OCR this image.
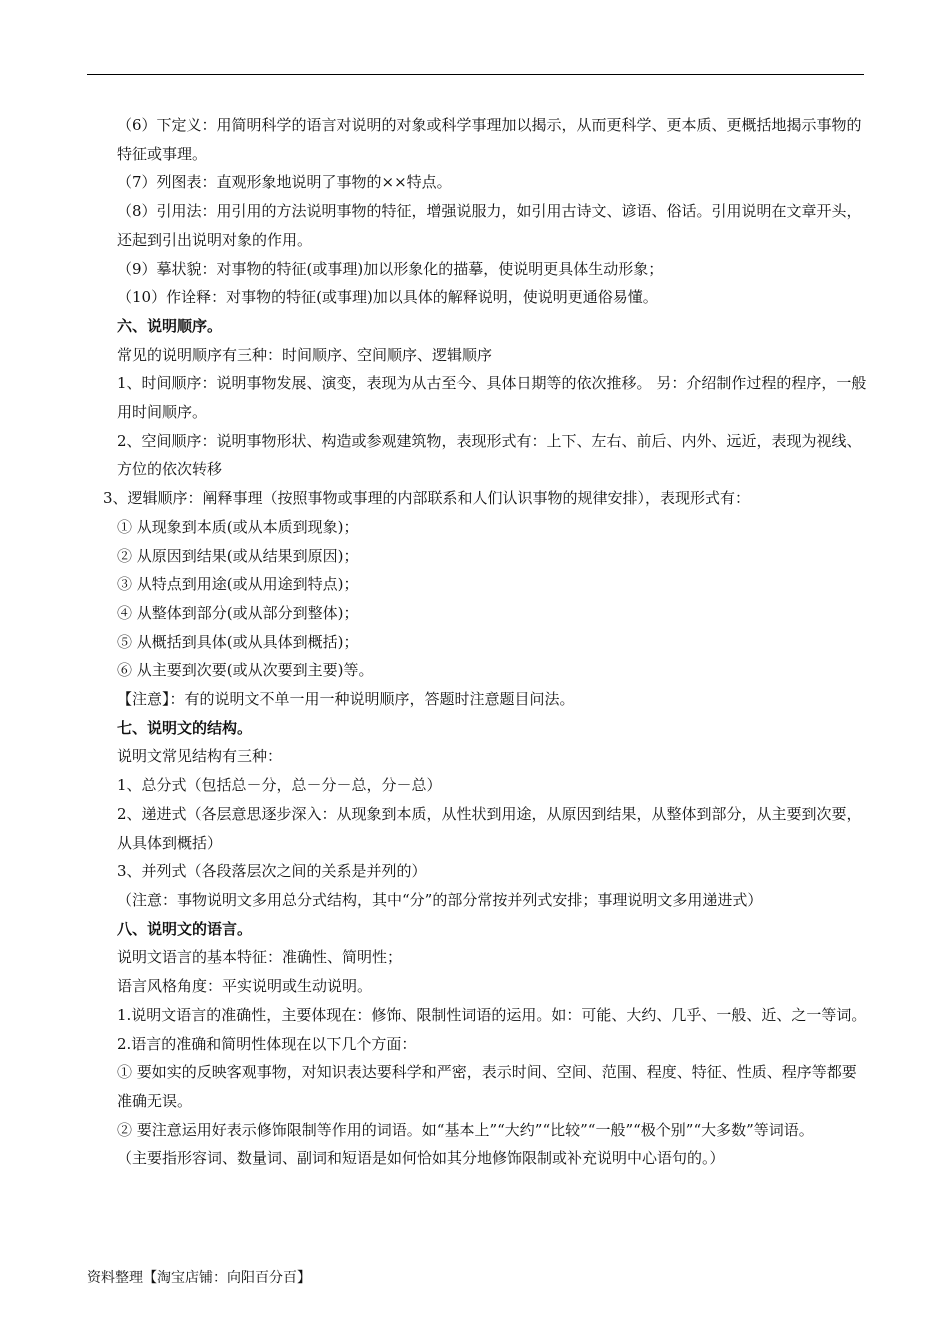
（6）下定义：用简明科学的语言对说明的对象或科学事理加以揭示，从而更科学、更本质、更概括地揭示事物的特征或事理。

（7）列图表：直观形象地说明了事物的××特点。

（8）引用法：用引用的方法说明事物的特征，增强说服力，如引用古诗文、谚语、俗话。引用说明在文章开头，还起到引出说明对象的作用。

（9）摹状貌：对事物的特征(或事理)加以形象化的描摹，使说明更具体生动形象；

（10）作诠释：对事物的特征(或事理)加以具体的解释说明，使说明更通俗易懂。

六、说明顺序。

常见的说明顺序有三种：时间顺序、空间顺序、逻辑顺序

1、时间顺序：说明事物发展、演变，表现为从古至今、具体日期等的依次推移。 另：介绍制作过程的程序，一般用时间顺序。

2、空间顺序：说明事物形状、构造或参观建筑物，表现形式有：上下、左右、前后、内外、远近，表现为视线、方位的依次转移

3、逻辑顺序：阐释事理（按照事物或事理的内部联系和人们认识事物的规律安排），表现形式有：

① 从现象到本质(或从本质到现象)；

② 从原因到结果(或从结果到原因)；

③ 从特点到用途(或从用途到特点)；

④ 从整体到部分(或从部分到整体)；

⑤ 从概括到具体(或从具体到概括)；

⑥ 从主要到次要(或从次要到主要)等。

【注意】：有的说明文不单一用一种说明顺序，答题时注意题目问法。

七、说明文的结构。

说明文常见结构有三种：

1、总分式（包括总－分，总－分－总，分－总）

2、递进式（各层意思逐步深入：从现象到本质，从性状到用途，从原因到结果，从整体到部分，从主要到次要，从具体到概括）

3、并列式（各段落层次之间的关系是并列的）

（注意：事物说明文多用总分式结构，其中“分”的部分常按并列式安排；事理说明文多用递进式）

八、说明文的语言。

说明文语言的基本特征：准确性、简明性；

语言风格角度：平实说明或生动说明。

1.说明文语言的准确性，主要体现在：修饰、限制性词语的运用。如：可能、大约、几乎、一般、近、之一等词。

2.语言的准确和简明性体现在以下几个方面：

① 要如实的反映客观事物，对知识表达要科学和严密，表示时间、空间、范围、程度、特征、性质、程序等都要准确无误。

② 要注意运用好表示修饰限制等作用的词语。如“基本上”“大约”“比较”“一般”“极个别”“大多数”等词语。

（主要指形容词、数量词、副词和短语是如何恰如其分地修饰限制或补充说明中心语句的。）

资料整理【淘宝店铺：向阳百分百】
